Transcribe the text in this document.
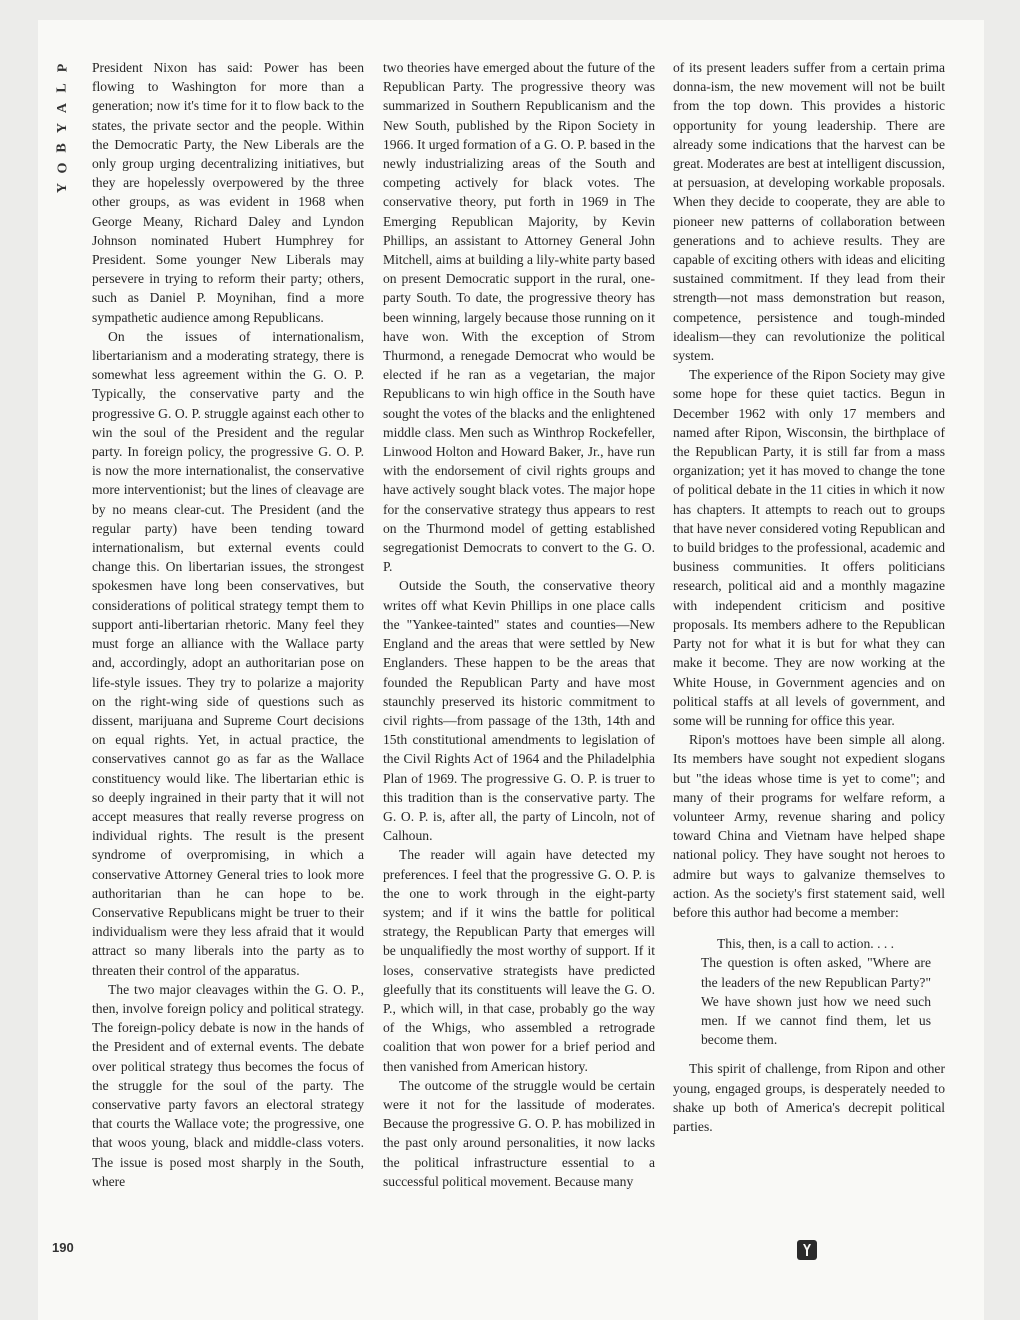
P
L
A
Y
B
O
Y

President Nixon has said: Power has been flowing to Washington for more than a generation; now it's time for it to flow back to the states, the private sector and the people. Within the Democratic Party, the New Liberals are the only group urging decentralizing initiatives, but they are hopelessly overpowered by the three other groups, as was evident in 1968 when George Meany, Richard Daley and Lyndon Johnson nominated Hubert Humphrey for President. Some younger New Liberals may persevere in trying to reform their party; others, such as Daniel P. Moynihan, find a more sympathetic audience among Republicans.

On the issues of internationalism, libertarianism and a moderating strategy, there is somewhat less agreement within the G. O. P. Typically, the conservative party and the progressive G. O. P. struggle against each other to win the soul of the President and the regular party. In foreign policy, the progressive G. O. P. is now the more internationalist, the conservative more interventionist; but the lines of cleavage are by no means clear-cut. The President (and the regular party) have been tending toward internationalism, but external events could change this. On libertarian issues, the strongest spokesmen have long been conservatives, but considerations of political strategy tempt them to support anti-libertarian rhetoric. Many feel they must forge an alliance with the Wallace party and, accordingly, adopt an authoritarian pose on life-style issues. They try to polarize a majority on the right-wing side of questions such as dissent, marijuana and Supreme Court decisions on equal rights. Yet, in actual practice, the conservatives cannot go as far as the Wallace constituency would like. The libertarian ethic is so deeply ingrained in their party that it will not accept measures that really reverse progress on individual rights. The result is the present syndrome of overpromising, in which a conservative Attorney General tries to look more authoritarian than he can hope to be. Conservative Republicans might be truer to their individualism were they less afraid that it would attract so many liberals into the party as to threaten their control of the apparatus.

The two major cleavages within the G. O. P., then, involve foreign policy and political strategy. The foreign-policy debate is now in the hands of the President and of external events. The debate over political strategy thus becomes the focus of the struggle for the soul of the party. The conservative party favors an electoral strategy that courts the Wallace vote; the progressive, one that woos young, black and middle-class voters. The issue is posed most sharply in the South, where

two theories have emerged about the future of the Republican Party. The progressive theory was summarized in Southern Republicanism and the New South, published by the Ripon Society in 1966. It urged formation of a G. O. P. based in the newly industrializing areas of the South and competing actively for black votes. The conservative theory, put forth in 1969 in The Emerging Republican Majority, by Kevin Phillips, an assistant to Attorney General John Mitchell, aims at building a lily-white party based on present Democratic support in the rural, one-party South. To date, the progressive theory has been winning, largely because those running on it have won. With the exception of Strom Thurmond, a renegade Democrat who would be elected if he ran as a vegetarian, the major Republicans to win high office in the South have sought the votes of the blacks and the enlightened middle class. Men such as Winthrop Rockefeller, Linwood Holton and Howard Baker, Jr., have run with the endorsement of civil rights groups and have actively sought black votes. The major hope for the conservative strategy thus appears to rest on the Thurmond model of getting established segregationist Democrats to convert to the G. O. P.

Outside the South, the conservative theory writes off what Kevin Phillips in one place calls the "Yankee-tainted" states and counties—New England and the areas that were settled by New Englanders. These happen to be the areas that founded the Republican Party and have most staunchly preserved its historic commitment to civil rights—from passage of the 13th, 14th and 15th constitutional amendments to legislation of the Civil Rights Act of 1964 and the Philadelphia Plan of 1969. The progressive G. O. P. is truer to this tradition than is the conservative party. The G. O. P. is, after all, the party of Lincoln, not of Calhoun.

The reader will again have detected my preferences. I feel that the progressive G. O. P. is the one to work through in the eight-party system; and if it wins the battle for political strategy, the Republican Party that emerges will be unqualifiedly the most worthy of support. If it loses, conservative strategists have predicted gleefully that its constituents will leave the G. O. P., which will, in that case, probably go the way of the Whigs, who assembled a retrograde coalition that won power for a brief period and then vanished from American history.

The outcome of the struggle would be certain were it not for the lassitude of moderates. Because the progressive G. O. P. has mobilized in the past only around personalities, it now lacks the political infrastructure essential to a successful political movement. Because many

of its present leaders suffer from a certain prima donna-ism, the new movement will not be built from the top down. This provides a historic opportunity for young leadership. There are already some indications that the harvest can be great. Moderates are best at intelligent discussion, at persuasion, at developing workable proposals. When they decide to cooperate, they are able to pioneer new patterns of collaboration between generations and to achieve results. They are capable of exciting others with ideas and eliciting sustained commitment. If they lead from their strength—not mass demonstration but reason, competence, persistence and tough-minded idealism—they can revolutionize the political system.

The experience of the Ripon Society may give some hope for these quiet tactics. Begun in December 1962 with only 17 members and named after Ripon, Wisconsin, the birthplace of the Republican Party, it is still far from a mass organization; yet it has moved to change the tone of political debate in the 11 cities in which it now has chapters. It attempts to reach out to groups that have never considered voting Republican and to build bridges to the professional, academic and business communities. It offers politicians research, political aid and a monthly magazine with independent criticism and positive proposals. Its members adhere to the Republican Party not for what it is but for what they can make it become. They are now working at the White House, in Government agencies and on political staffs at all levels of government, and some will be running for office this year.

Ripon's mottoes have been simple all along. Its members have sought not expedient slogans but "the ideas whose time is yet to come"; and many of their programs for welfare reform, a volunteer Army, revenue sharing and policy toward China and Vietnam have helped shape national policy. They have sought not heroes to admire but ways to galvanize themselves to action. As the society's first statement said, well before this author had become a member:

This, then, is a call to action. . . .

The question is often asked, "Where are the leaders of the new Republican Party?" We have shown just how we need such men. If we cannot find them, let us become them.

This spirit of challenge, from Ripon and other young, engaged groups, is desperately needed to shake up both of America's decrepit political parties.

190
